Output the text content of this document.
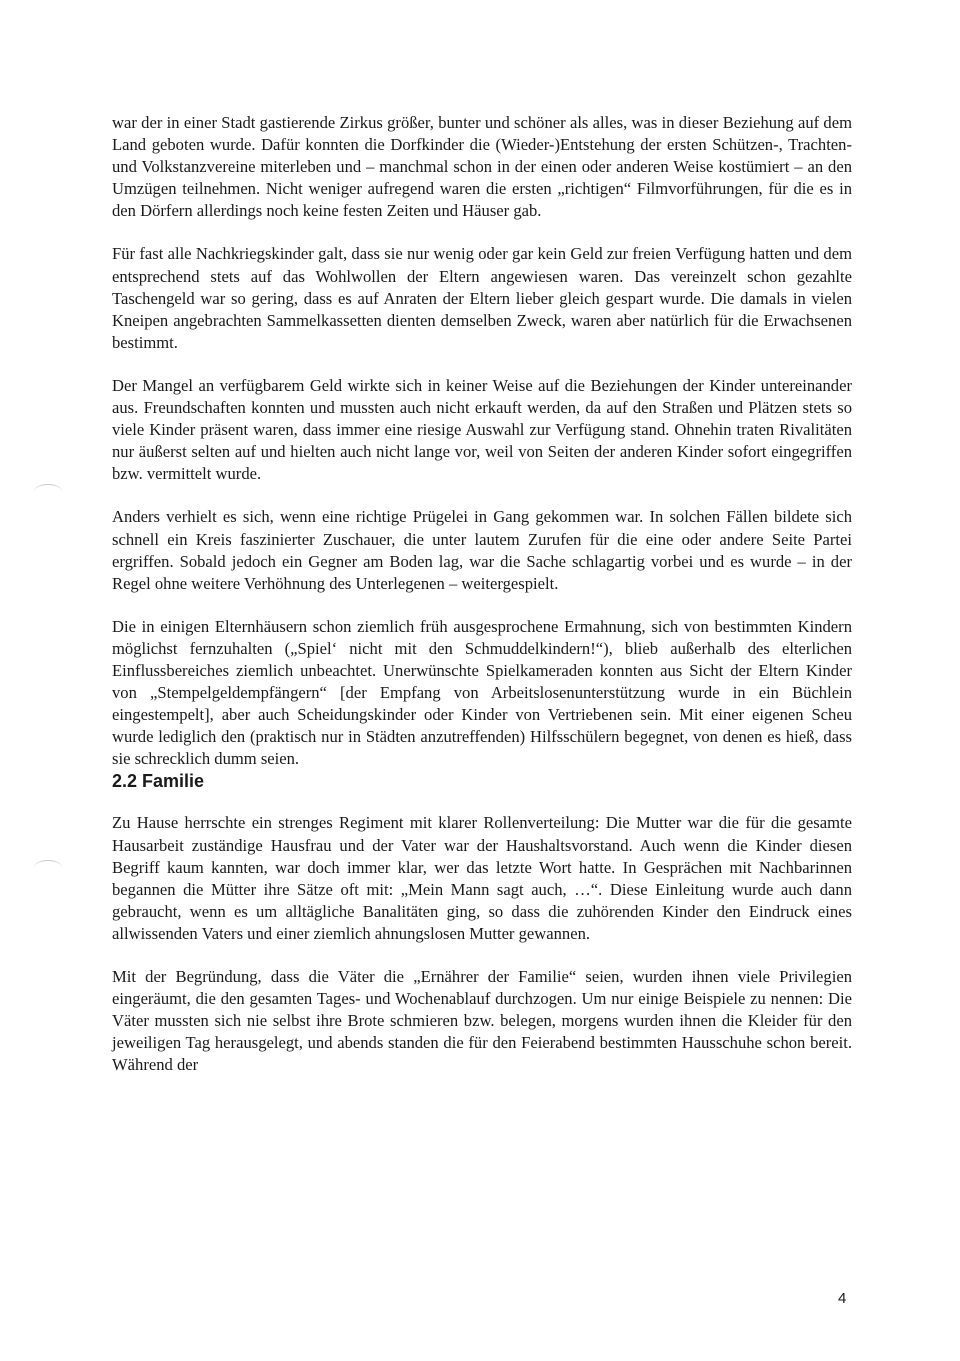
war der in einer Stadt gastierende Zirkus größer, bunter und schöner als alles, was in dieser Beziehung auf dem Land geboten wurde. Dafür konnten die Dorfkinder die (Wieder-)Entstehung der ersten Schützen-, Trachten- und Volkstanzvereine miterleben und – manchmal schon in der einen oder anderen Weise kostümiert – an den Umzügen teilnehmen. Nicht weniger aufregend waren die ersten „richtigen“ Filmvorführungen, für die es in den Dörfern allerdings noch keine festen Zeiten und Häuser gab.

Für fast alle Nachkriegskinder galt, dass sie nur wenig oder gar kein Geld zur freien Verfügung hatten und dem entsprechend stets auf das Wohlwollen der Eltern angewiesen waren. Das vereinzelt schon gezahlte Taschengeld war so gering, dass es auf Anraten der Eltern lieber gleich gespart wurde. Die damals in vielen Kneipen angebrachten Sammelkassetten dienten demselben Zweck, waren aber natürlich für die Erwachsenen bestimmt.

Der Mangel an verfügbarem Geld wirkte sich in keiner Weise auf die Beziehungen der Kinder untereinander aus. Freundschaften konnten und mussten auch nicht erkauft werden, da auf den Straßen und Plätzen stets so viele Kinder präsent waren, dass immer eine riesige Auswahl zur Verfügung stand. Ohnehin traten Rivalitäten nur äußerst selten auf und hielten auch nicht lange vor, weil von Seiten der anderen Kinder sofort eingegriffen bzw. vermittelt wurde.

Anders verhielt es sich, wenn eine richtige Prügelei in Gang gekommen war. In solchen Fällen bildete sich schnell ein Kreis faszinierter Zuschauer, die unter lautem Zurufen für die eine oder andere Seite Partei ergriffen. Sobald jedoch ein Gegner am Boden lag, war die Sache schlagartig vorbei und es wurde – in der Regel ohne weitere Verhöhnung des Unterlegenen – weitergespielt.

Die in einigen Elternhäusern schon ziemlich früh ausgesprochene Ermahnung, sich von bestimmten Kindern möglichst fernzuhalten („Spiel‘ nicht mit den Schmuddelkindern!“), blieb außerhalb des elterlichen Einflussbereiches ziemlich unbeachtet. Unerwünschte Spielkameraden konnten aus Sicht der Eltern Kinder von „Stempelgeldempfängern“ [der Empfang von Arbeitslosenunterstützung wurde in ein Büchlein eingestempelt], aber auch Scheidungskinder oder Kinder von Vertriebenen sein. Mit einer eigenen Scheu wurde lediglich den (praktisch nur in Städten anzutreffenden) Hilfsschülern begegnet, von denen es hieß, dass sie schrecklich dumm seien.

2.2 Familie

Zu Hause herrschte ein strenges Regiment mit klarer Rollenverteilung: Die Mutter war die für die gesamte Hausarbeit zuständige Hausfrau und der Vater war der Haushaltsvorstand. Auch wenn die Kinder diesen Begriff kaum kannten, war doch immer klar, wer das letzte Wort hatte. In Gesprächen mit Nachbarinnen begannen die Mütter ihre Sätze oft mit: „Mein Mann sagt auch, …“. Diese Einleitung wurde auch dann gebraucht, wenn es um alltägliche Banalitäten ging, so dass die zuhörenden Kinder den Eindruck eines allwissenden Vaters und einer ziemlich ahnungslosen Mutter gewannen.

Mit der Begründung, dass die Väter die „Ernährer der Familie“ seien, wurden ihnen viele Privilegien eingeräumt, die den gesamten Tages- und Wochenablauf durchzogen. Um nur einige Beispiele zu nennen: Die Väter mussten sich nie selbst ihre Brote schmieren bzw. belegen, morgens wurden ihnen die Kleider für den jeweiligen Tag herausgelegt, und abends standen die für den Feierabend bestimmten Hausschuhe schon bereit. Während der

4
